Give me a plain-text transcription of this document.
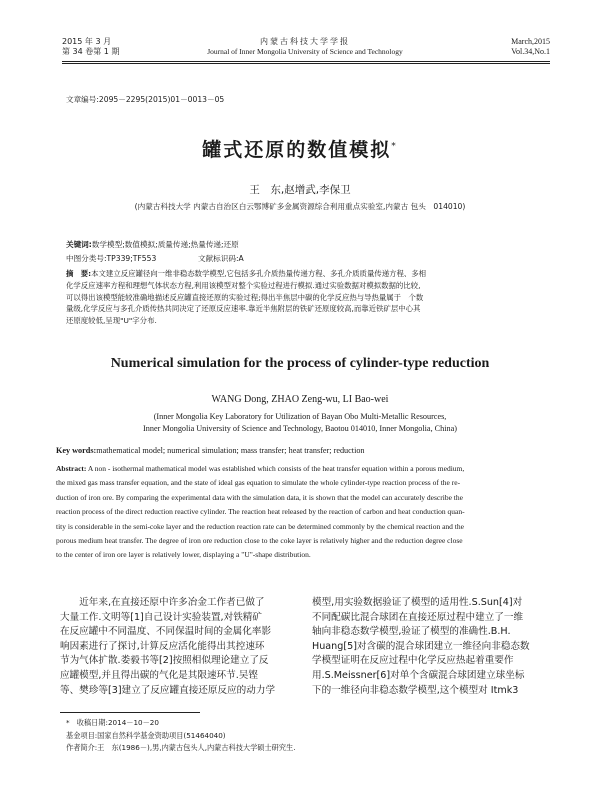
2015 年 3 月
第 34 卷第 1 期
内蒙古科技大学学报
Journal of Inner Mongolia University of Science and Technology
March,2015
Vol.34,No.1
文章编号:2095－2295(2015)01－0013－05
罐式还原的数值模拟*
王　东,赵增武,李保卫
(内蒙古科技大学 内蒙古自治区白云鄂博矿多金属资源综合利用重点实验室,内蒙古 包头　014010)
关键词:数学模型;数值模拟;质量传递;热量传递;还原
中图分类号:TP339;TF553	文献标识码:A
摘　要:本文建立反应罐径向一维非稳态数学模型,它包括多孔介质热量传递方程、多孔介质质量传递方程、多相
化学反应速率方程和理想气体状态方程,利用该模型对整个实验过程进行模拟.通过实验数据对模拟数据的比较,
可以得出该模型能较准确地描述反应罐直接还原的实验过程;得出半焦层中碳的化学反应热与导热量属于　个数
量级,化学反应与多孔介质传热共同决定了还原反应速率.靠近半焦附层的铁矿还原度较高,而靠近铁矿层中心其
还原度较低,呈现"U"字分布.
Numerical simulation for the process of cylinder-type reduction
WANG Dong, ZHAO Zeng-wu, LI Bao-wei
(Inner Mongolia Key Laboratory for Utilization of Bayan Obo Multi-Metallic Resources,
Inner Mongolia University of Science and Technology, Baotou 014010, Inner Mongolia, China)
Key words:mathematical model; numerical simulation; mass transfer; heat transfer; reduction
Abstract: A non - isothermal mathematical model was established which consists of the heat transfer equation within a porous medium,
the mixed gas mass transfer equation, and the state of ideal gas equation to simulate the whole cylinder-type reaction process of the re-
duction of iron ore. By comparing the experimental data with the simulation data, it is shown that the model can accurately describe the
reaction process of the direct reduction reactive cylinder. The reaction heat released by the reaction of carbon and heat conduction quan-
tity is considerable in the semi-coke layer and the reduction reaction rate can be determined commonly by the chemical reaction and the
porous medium heat transfer. The degree of iron ore reduction close to the coke layer is relatively higher and the reduction degree close
to the center of iron ore layer is relatively lower, displaying a "U"-shape distribution.
　　近年来,在直接还原中许多冶金工作者已做了
大量工作.文明等[1]自己设计实验装置,对铁精矿
在反应罐中不同温度、不同保温时间的金属化率影
响因素进行了探讨,计算反应活化能得出其控速环
节为气体扩散.娄毅书等[2]按照相似理论建立了反
应罐模型,并且得出碳的气化是其限速环节.吴铿
等、樊珍等[3]建立了反应罐直接还原反应的动力学
模型,用实验数据验证了模型的适用性.S.Sun[4]对
不同配碳比混合球团在直接还原过程中建立了一维
轴向非稳态数学模型,验证了模型的准确性.B.H.
Huang[5]对含碳的混合球团建立一维径向非稳态数
学模型证明在反应过程中化学反应热起着重要作
用.S.Meissner[6]对单个含碳混合球团建立球坐标
下的一维径向非稳态数学模型,这个模型对 Itmk3
*　 收稿日期:2014－10－20
基金项目:国家自然科学基金资助项目(51464040)
作者简介:王　东(1986－),男,内蒙古包头人,内蒙古科技大学硕士研究生.
